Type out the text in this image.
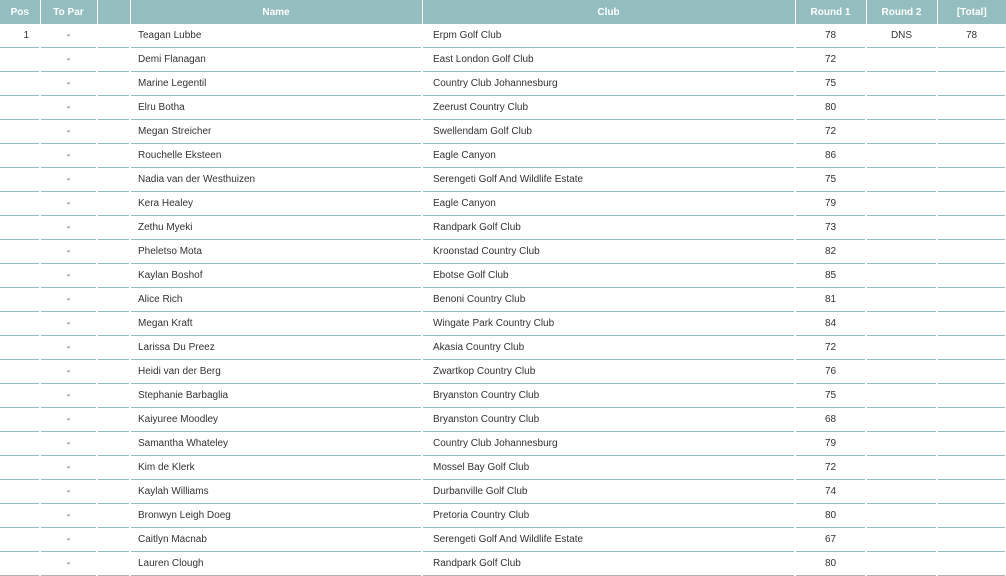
Pos	To Par		Name	Club	Round 1	Round 2	[Total]
1	-		Teagan Lubbe	Erpm Golf Club	78	DNS	78
	-		Demi Flanagan	East London Golf Club	72		
	-		Marine Legentil	Country Club Johannesburg	75		
	-		Elru Botha	Zeerust Country Club	80		
	-		Megan Streicher	Swellendam Golf Club	72		
	-		Rouchelle Eksteen	Eagle Canyon	86		
	-		Nadia van der Westhuizen	Serengeti Golf And Wildlife Estate	75		
	-		Kera Healey	Eagle Canyon	79		
	-		Zethu Myeki	Randpark Golf Club	73		
	-		Pheletso Mota	Kroonstad Country Club	82		
	-		Kaylan Boshof	Ebotse Golf Club	85		
	-		Alice Rich	Benoni Country Club	81		
	-		Megan Kraft	Wingate Park Country Club	84		
	-		Larissa Du Preez	Akasia Country Club	72		
	-		Heidi van der Berg	Zwartkop Country Club	76		
	-		Stephanie Barbaglia	Bryanston Country Club	75		
	-		Kaiyuree Moodley	Bryanston Country Club	68		
	-		Samantha Whateley	Country Club Johannesburg	79		
	-		Kim de Klerk	Mossel Bay Golf Club	72		
	-		Kaylah Williams	Durbanville Golf Club	74		
	-		Bronwyn Leigh Doeg	Pretoria Country Club	80		
	-		Caitlyn Macnab	Serengeti Golf And Wildlife Estate	67		
	-		Lauren Clough	Randpark Golf Club	80		
